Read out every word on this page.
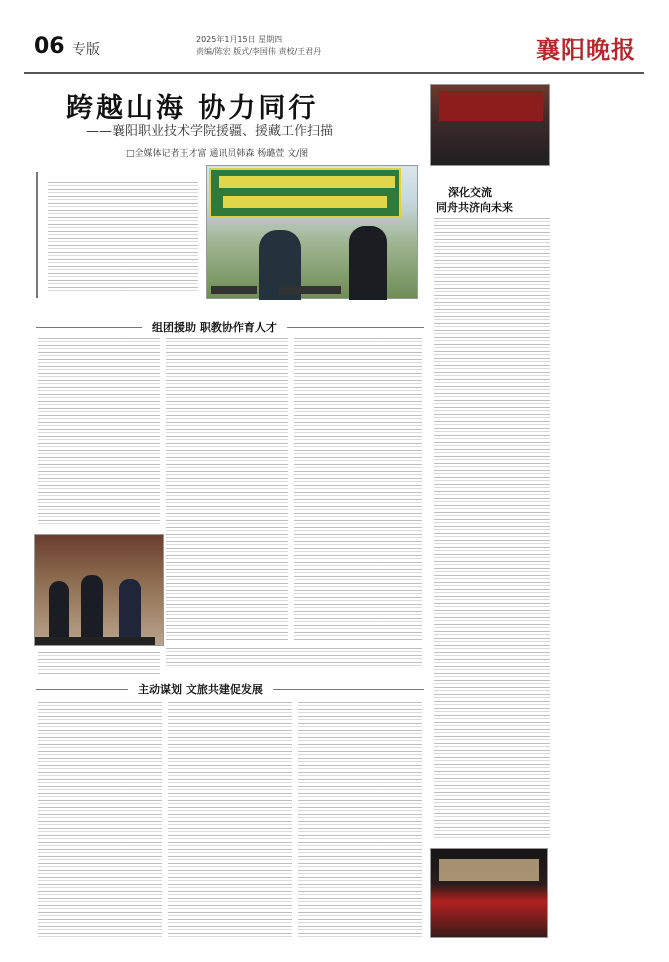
06 专版
2025年1月15日 星期四
责编/陈宏 版式/李国伟 责校/王君丹	襄阳晚报
跨越山海 协力同行
——襄阳职业技术学院援疆、援藏工作扫描
□全媒体记者王才富 通讯员韩森 杨璐萱 文/图
深化交流
同舟共济向未来
组团援助 职教协作育人才
主动谋划 文旅共建促发展
